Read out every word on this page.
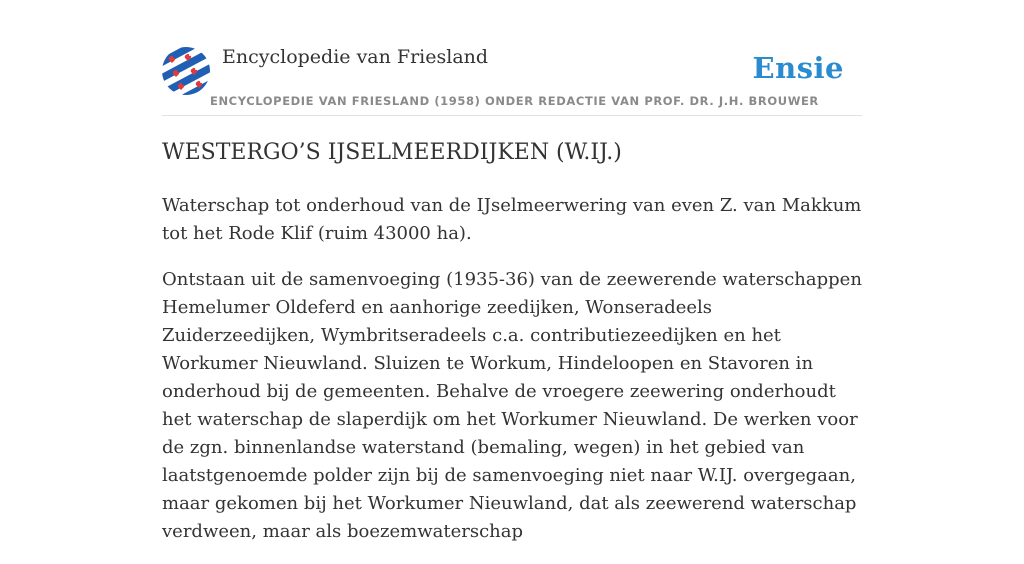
Encyclopedie van Friesland	Ensie
ENCYCLOPEDIE VAN FRIESLAND (1958) ONDER REDACTIE VAN PROF. DR. J.H. BROUWER
WESTERGO’S IJSELMEERDIJKEN (W.IJ.)

Waterschap tot onderhoud van de IJselmeerwering van even Z. van Makkum tot het Rode Klif (ruim 43000 ha).

Ontstaan uit de samenvoeging (1935-36) van de zeewerende waterschappen Hemelumer Oldeferd en aanhorige zeedijken, Wonseradeels Zuiderzeedijken, Wymbritseradeels c.a. contributiezeedijken en het Workumer Nieuwland. Sluizen te Workum, Hindeloopen en Stavoren in onderhoud bij de gemeenten. Behalve de vroegere zeewering onderhoudt het waterschap de slaperdijk om het Workumer Nieuwland. De werken voor de zgn. binnenlandse waterstand (bemaling, wegen) in het gebied van laatstgenoemde polder zijn bij de samenvoeging niet naar W.IJ. overgegaan, maar gekomen bij het Workumer Nieuwland, dat als zeewerend waterschap verdween, maar als boezemwaterschap
